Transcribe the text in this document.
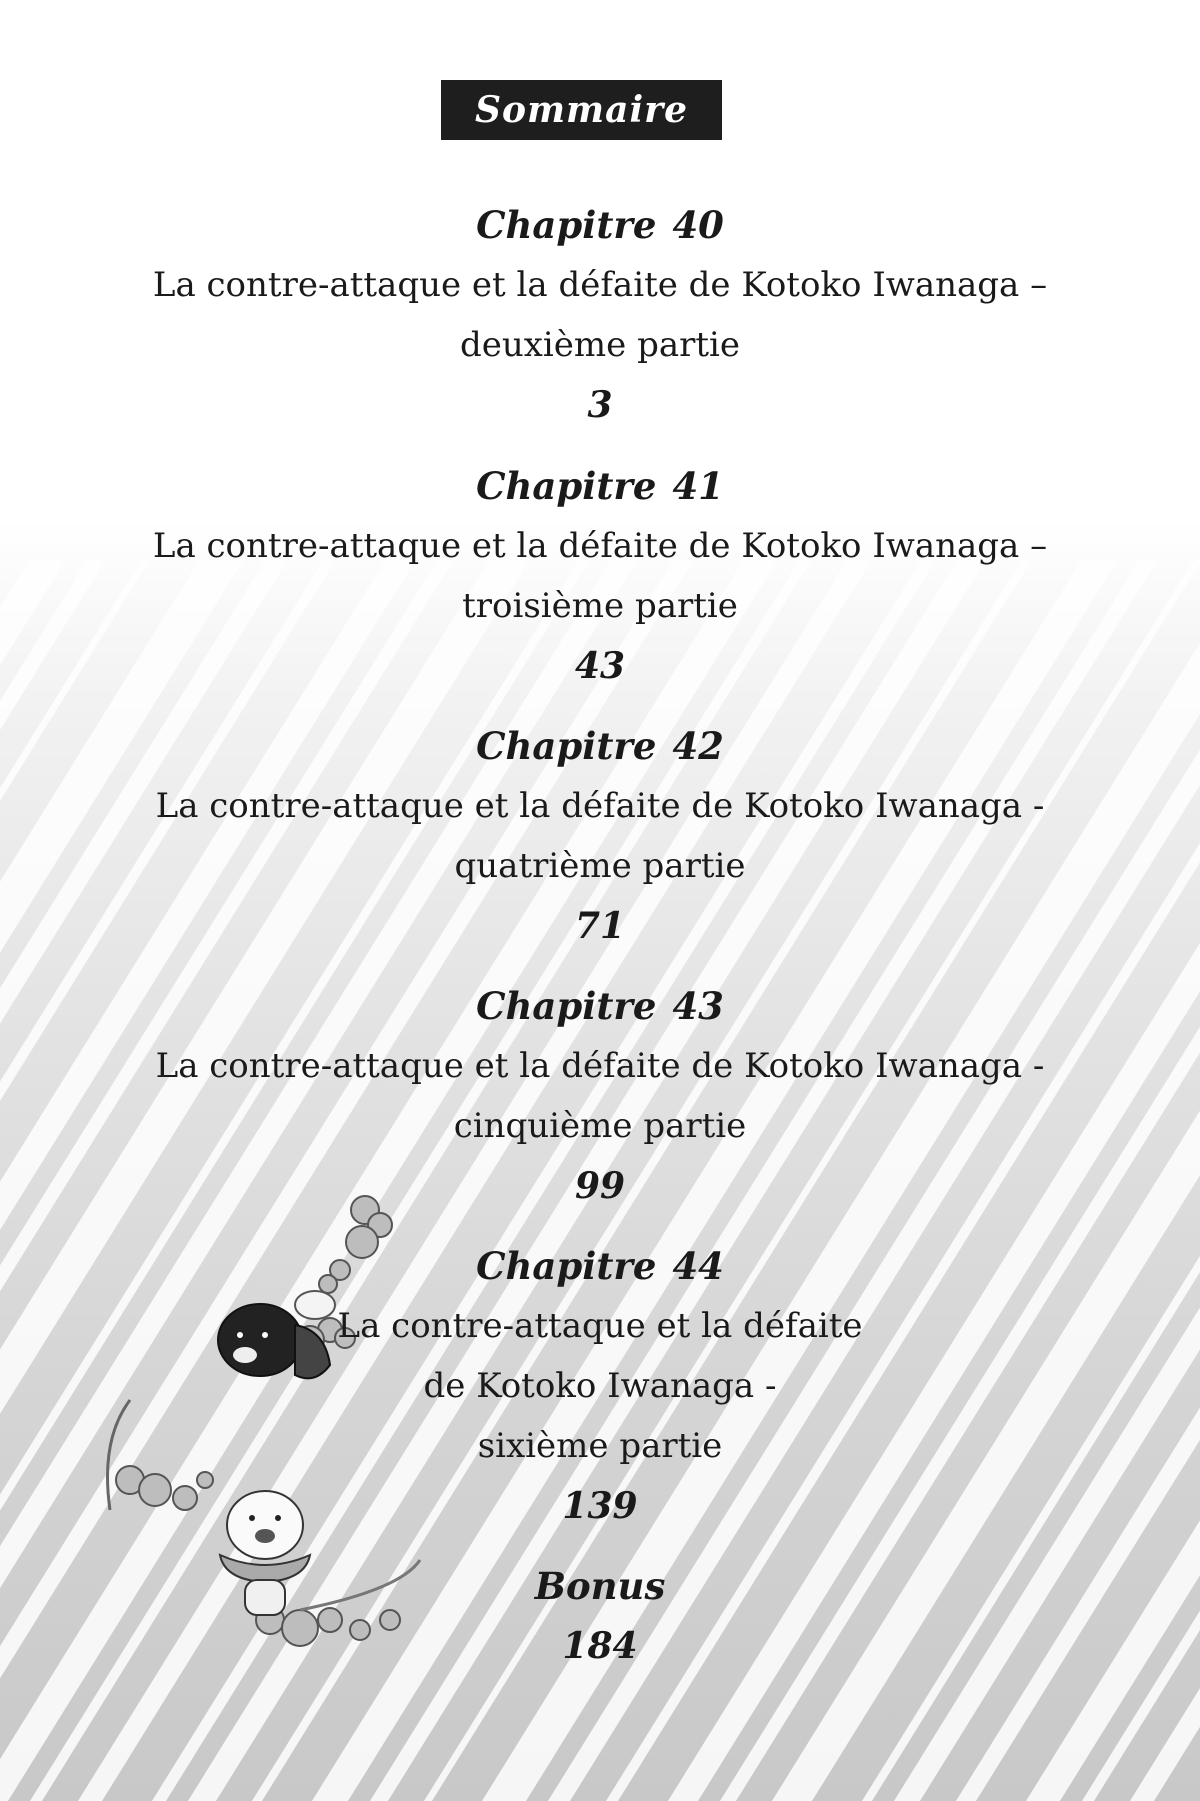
Sommaire
Chapitre 40
La contre-attaque et la défaite de Kotoko Iwanaga –
deuxième partie
3
Chapitre 41
La contre-attaque et la défaite de Kotoko Iwanaga –
troisième partie
43
Chapitre 42
La contre-attaque et la défaite de Kotoko Iwanaga -
quatrième partie
71
Chapitre 43
La contre-attaque et la défaite de Kotoko Iwanaga -
cinquième partie
99
Chapitre 44
La contre-attaque et la défaite
de Kotoko Iwanaga -
sixième partie
139
Bonus
184
